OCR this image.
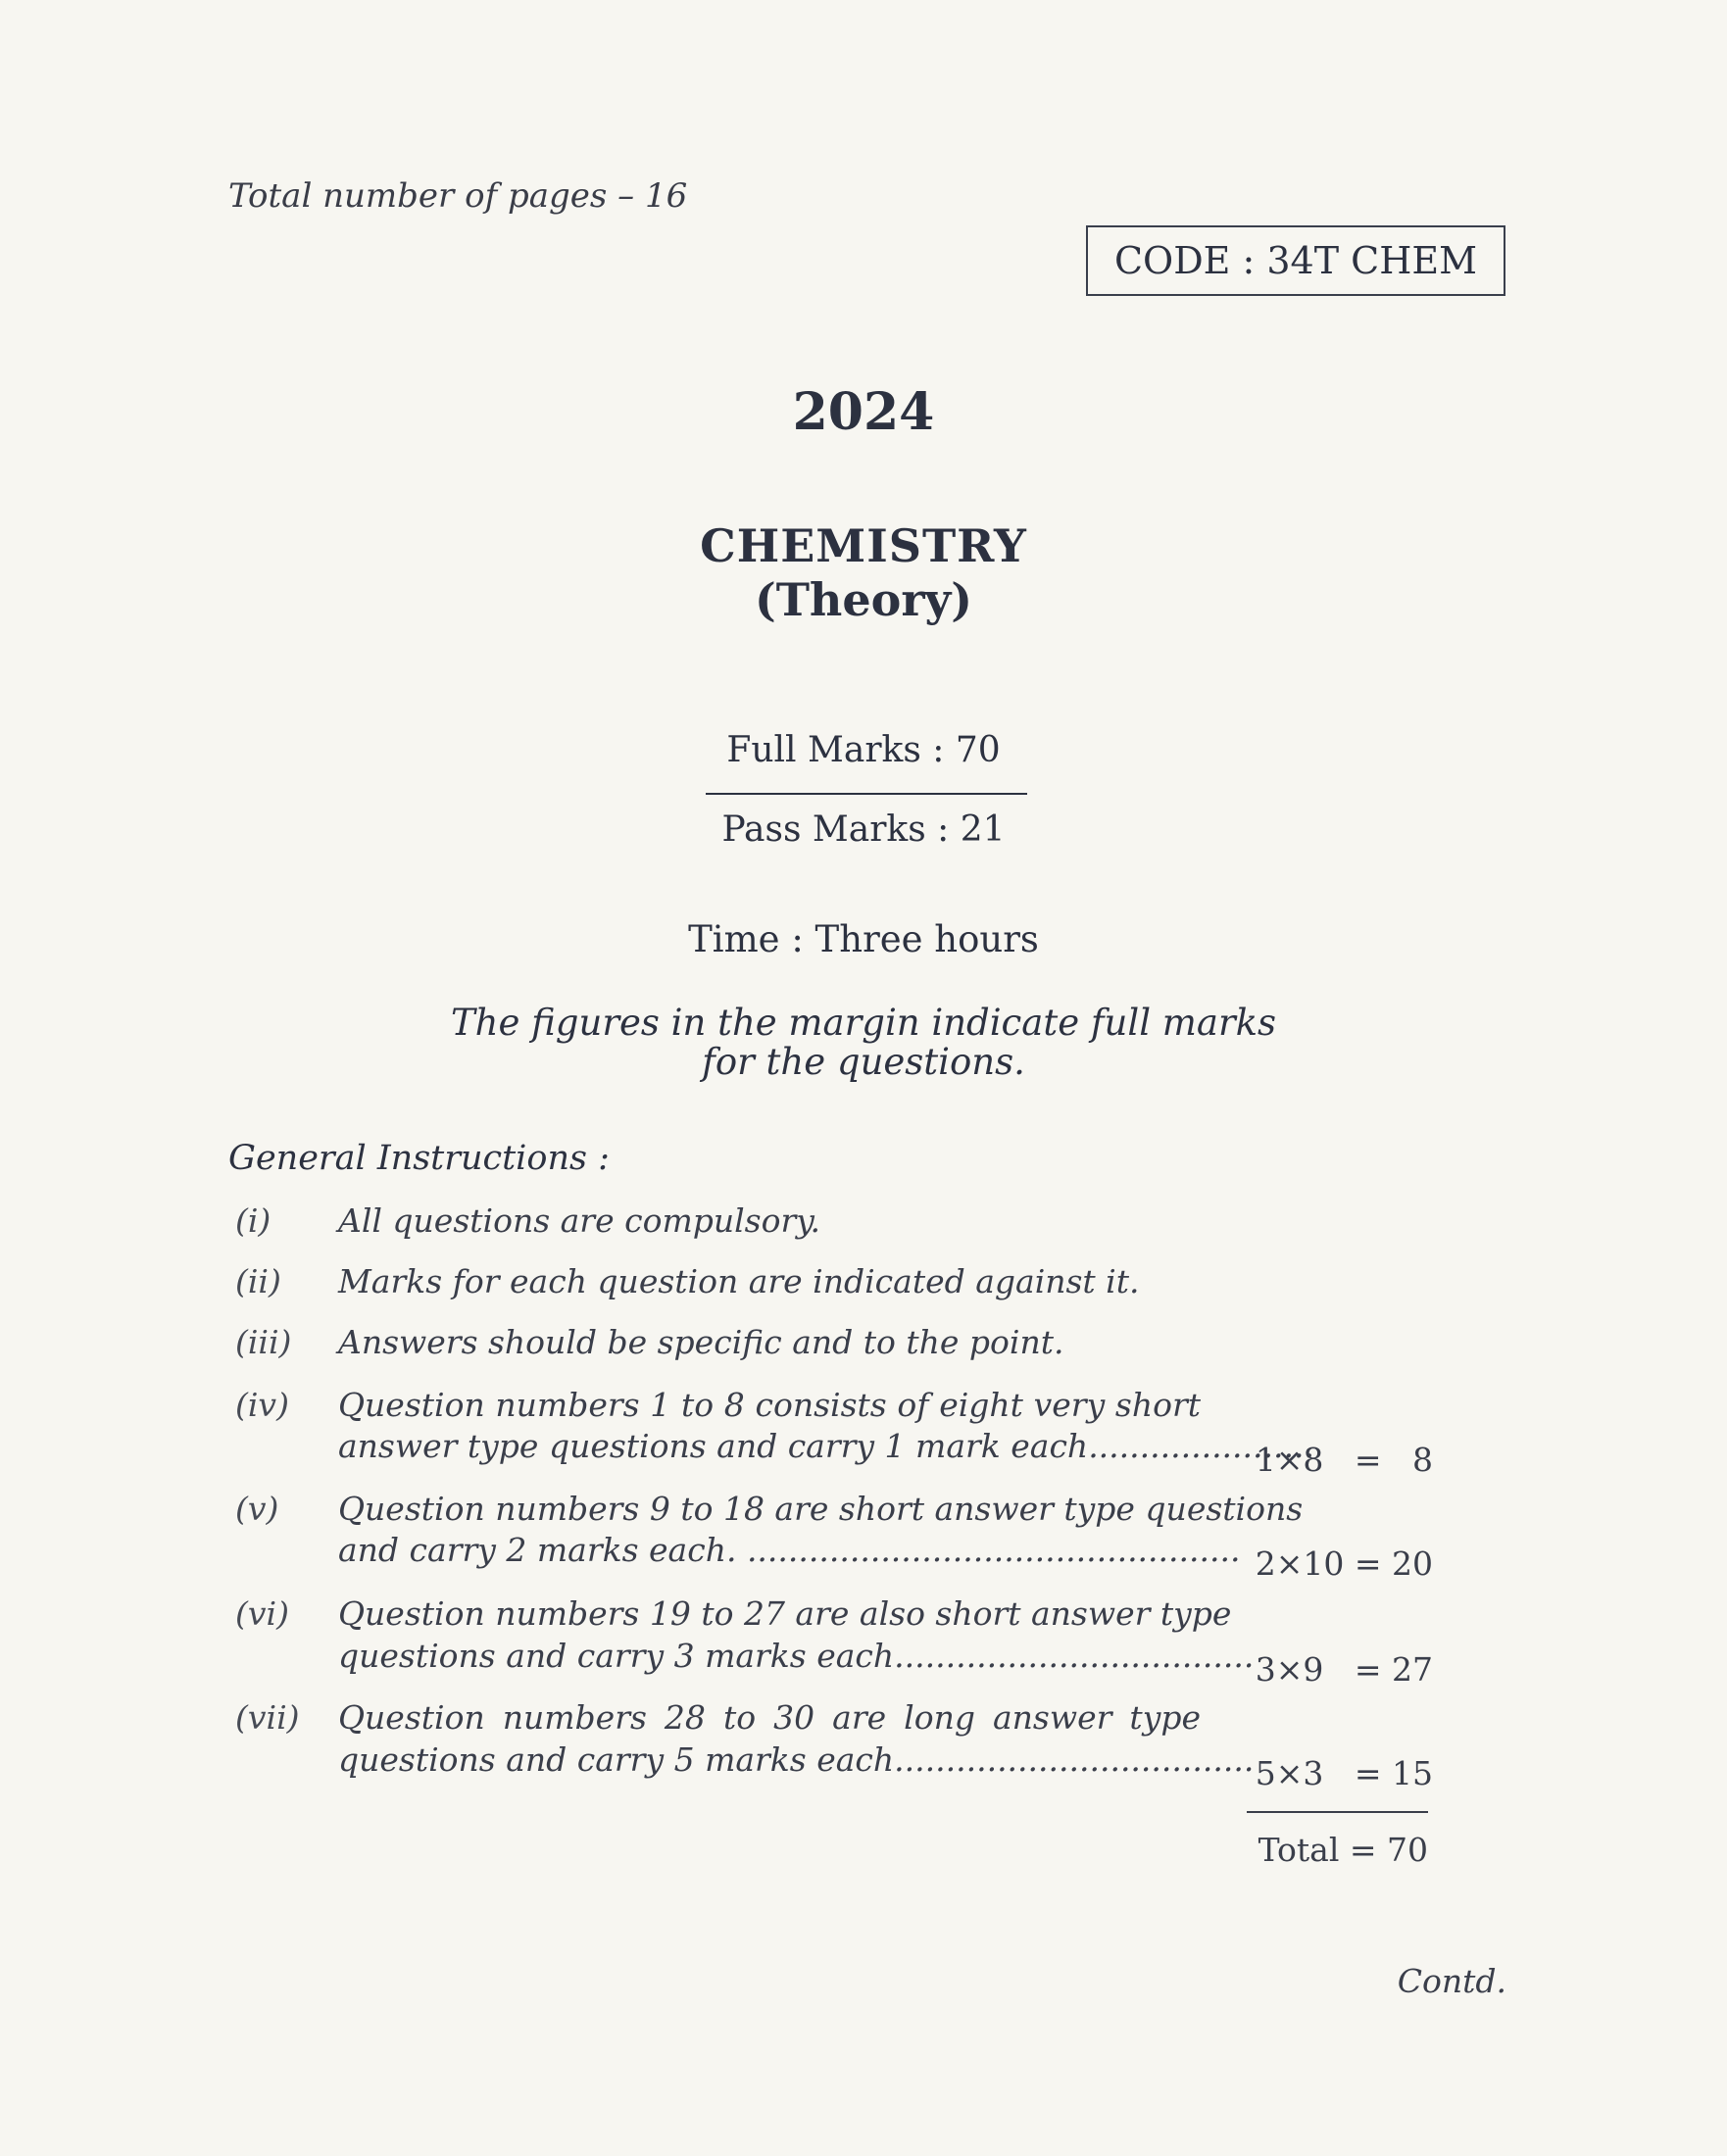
Total number of pages – 16
CODE : 34T CHEM
2024
CHEMISTRY
(Theory)
Full Marks : 70
Pass Marks : 21
Time : Three hours
The figures in the margin indicate full marks
for the questions.
General Instructions :
(i) All questions are compulsory.
(ii) Marks for each question are indicated against it.
(iii) Answers should be specific and to the point.
(iv) Question numbers 1 to 8 consists of eight very short
answer type questions and carry 1 mark each......................
1×8   =   8
(v) Question numbers 9 to 18 are short answer type questions
and carry 2 marks each. ................................................ 2×10 = 20
(vi) Question numbers 19 to 27 are also short answer type
questions and carry 3 marks each................................... 3×9   = 27
(vii) Question numbers 28 to 30 are long answer type
questions and carry 5 marks each................................... 5×3   = 15
Total = 70
Contd.
